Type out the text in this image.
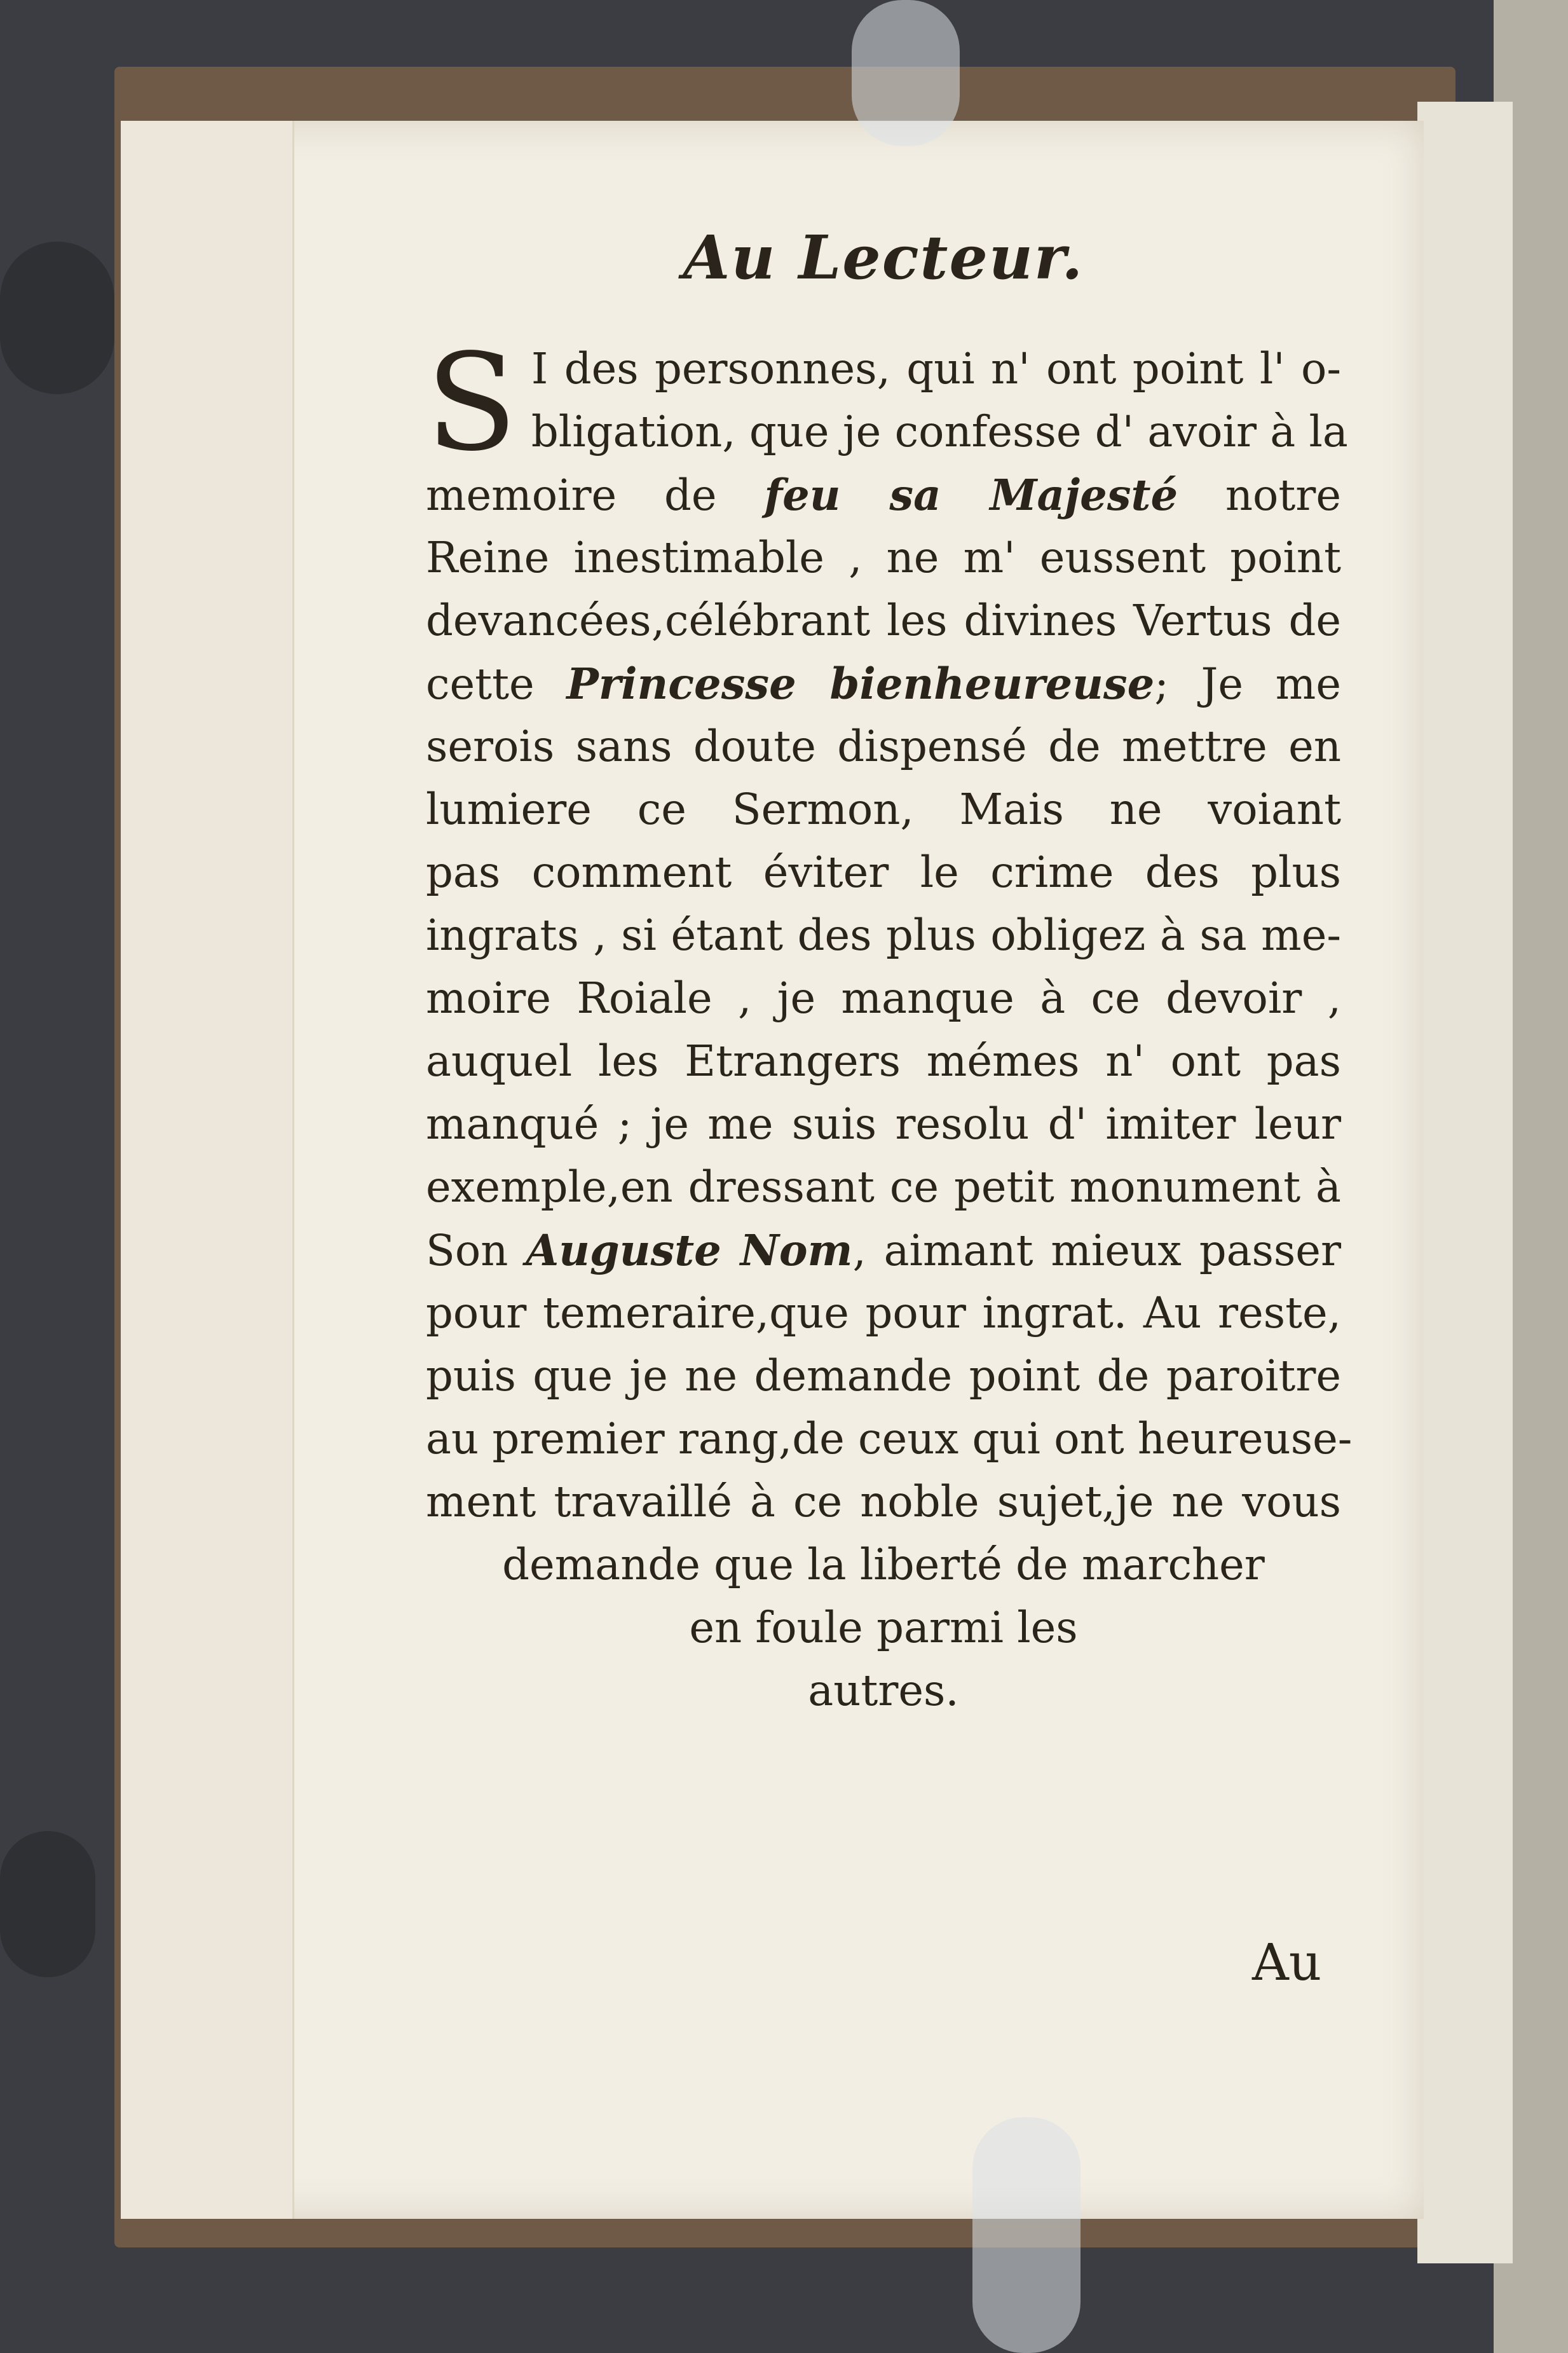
Au Lecteur.
S I des personnes, qui n' ont point l' o-
bligation, que je confesse d' avoir à la
memoire de feu sa Majesté notre
Reine inestimable , ne m' eussent point
devancées,célébrant les divines Vertus de
cette Princesse bienheureuse; Je me
serois sans doute dispensé de mettre en
lumiere ce Sermon, Mais ne voiant
pas comment éviter le crime des plus
ingrats , si étant des plus obligez à sa me-
moire Roiale , je manque à ce devoir ,
auquel les Etrangers mémes n' ont pas
manqué ; je me suis resolu d' imiter leur
exemple,en dressant ce petit monument à
Son Auguste Nom, aimant mieux passer
pour temeraire,que pour ingrat. Au reste,
puis que je ne demande point de paroitre
au premier rang,de ceux qui ont heureuse-
ment travaillé à ce noble sujet,je ne vous
demande que la liberté de marcher
en foule parmi les
autres.
Au
